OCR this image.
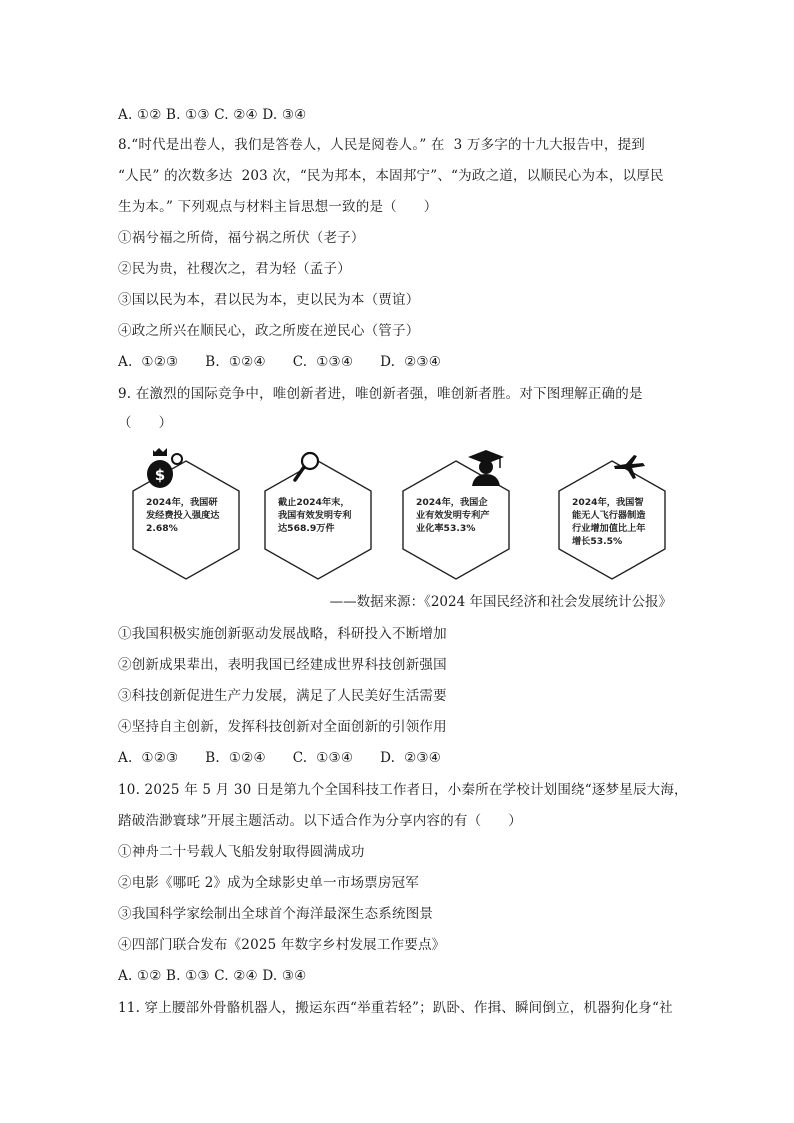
A. ①② B. ①③ C. ②④ D. ③④
8.“时代是出卷人，我们是答卷人，人民是阅卷人。” 在  3 万多字的十九大报告中，提到
“人民” 的次数多达  203 次，“民为邦本，本固邦宁”、“为政之道，以顺民心为本，以厚民
生为本。” 下列观点与材料主旨思想一致的是（      ）
①祸兮福之所倚，福兮祸之所伏（老子）
②民为贵，社稷次之，君为轻（孟子）
③国以民为本，君以民为本，吏以民为本（贾谊）
④政之所兴在顺民心，政之所废在逆民心（管子）
A.  ①②③      B.  ①②④      C.  ①③④      D.  ②③④
9. 在激烈的国际竞争中，唯创新者进，唯创新者强，唯创新者胜。对下图理解正确的是
（      ）
2024年，我国研发经费投入强度达2.68%
$
截止2024年末，我国有效发明专利达568.9万件
2024年，我国企业有效发明专利产业化率53.3%
2024年，我国智能无人飞行器制造行业增加值比上年增长53.5%
——数据来源：《2024 年国民经济和社会发展统计公报》
①我国积极实施创新驱动发展战略，科研投入不断增加
②创新成果辈出，表明我国已经建成世界科技创新强国
③科技创新促进生产力发展，满足了人民美好生活需要
④坚持自主创新，发挥科技创新对全面创新的引领作用
A.  ①②③      B.  ①②④      C.  ①③④      D.  ②③④
10. 2025 年 5 月 30 日是第九个全国科技工作者日，小秦所在学校计划围绕“逐梦星辰大海，
踏破浩渺寰球”开展主题活动。以下适合作为分享内容的有（      ）
①神舟二十号载人飞船发射取得圆满成功
②电影《哪吒 2》成为全球影史单一市场票房冠军
③我国科学家绘制出全球首个海洋最深生态系统图景
④四部门联合发布《2025 年数字乡村发展工作要点》
A. ①② B. ①③ C. ②④ D. ③④
11. 穿上腰部外骨骼机器人，搬运东西“举重若轻”；趴卧、作揖、瞬间倒立，机器狗化身“社
